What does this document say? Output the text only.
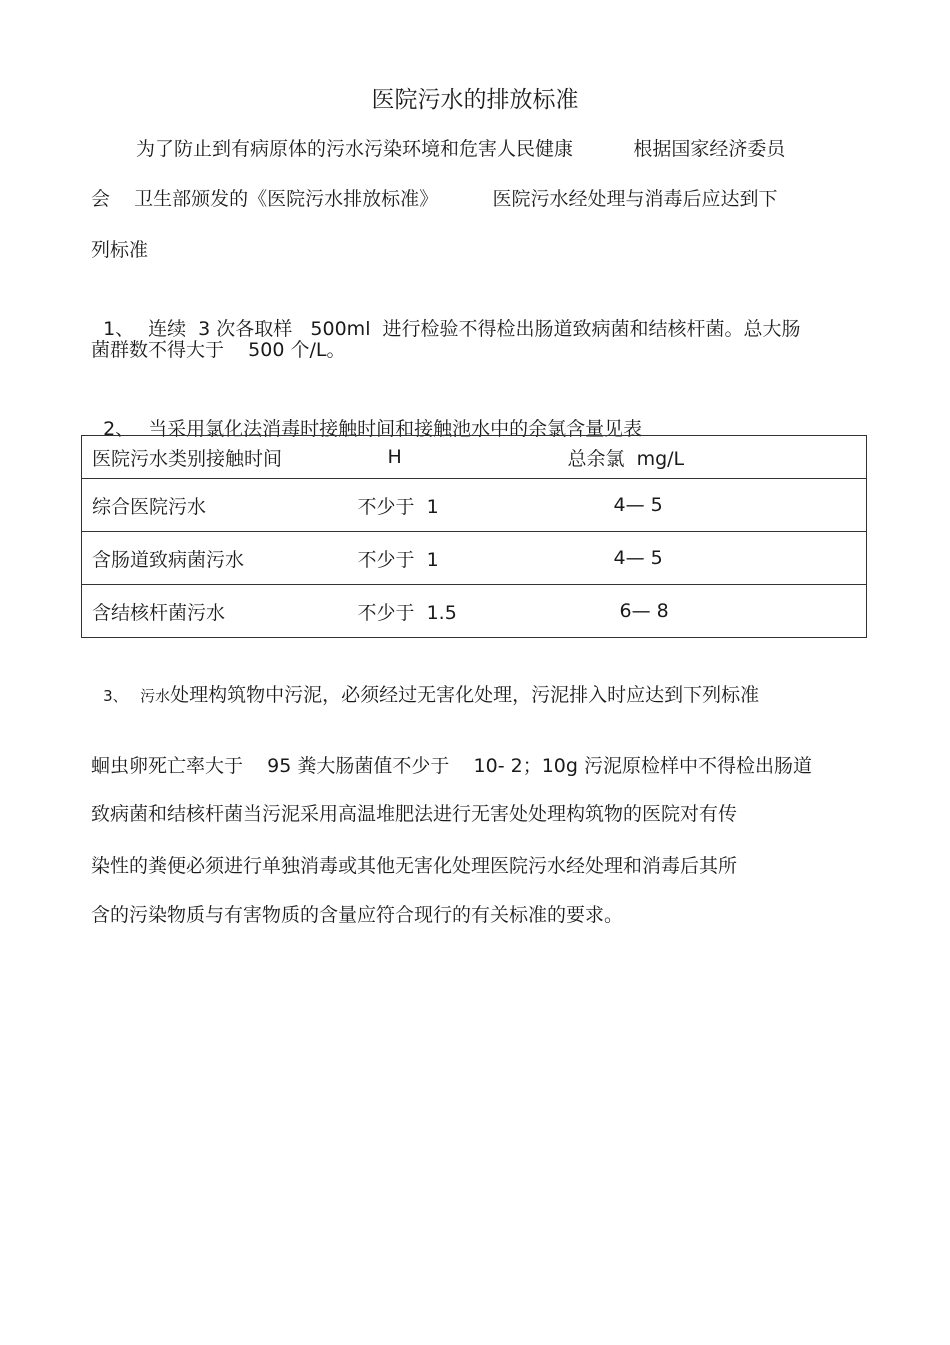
医院污水的排放标准
为了防止到有病原体的污水污染环境和危害人民健康          根据国家经济委员
会    卫生部颁发的《医院污水排放标准》         医院污水经处理与消毒后应达到下
列标准

1、 连续  3 次各取样   500ml  进行检验不得检出肠道致病菌和结核杆菌。总大肠

菌群数不得大于    500 个/L。

2、 当采用氯化法消毒时接触时间和接触池水中的余氯含量见表

医院污水类别接触时间	H	总余氯  mg/L
综合医院污水	不少于  1	4— 5
含肠道致病菌污水	不少于  1	4— 5
含结核杆菌污水	不少于  1.5	6— 8

3、 污水处理构筑物中污泥，必须经过无害化处理，污泥排入时应达到下列标准

蛔虫卵死亡率大于    95 粪大肠菌值不少于    10- 2；10g 污泥原检样中不得检出肠道
致病菌和结核杆菌当污泥采用高温堆肥法进行无害处处理构筑物的医院对有传
染性的粪便必须进行单独消毒或其他无害化处理医院污水经处理和消毒后其所
含的污染物质与有害物质的含量应符合现行的有关标准的要求。
